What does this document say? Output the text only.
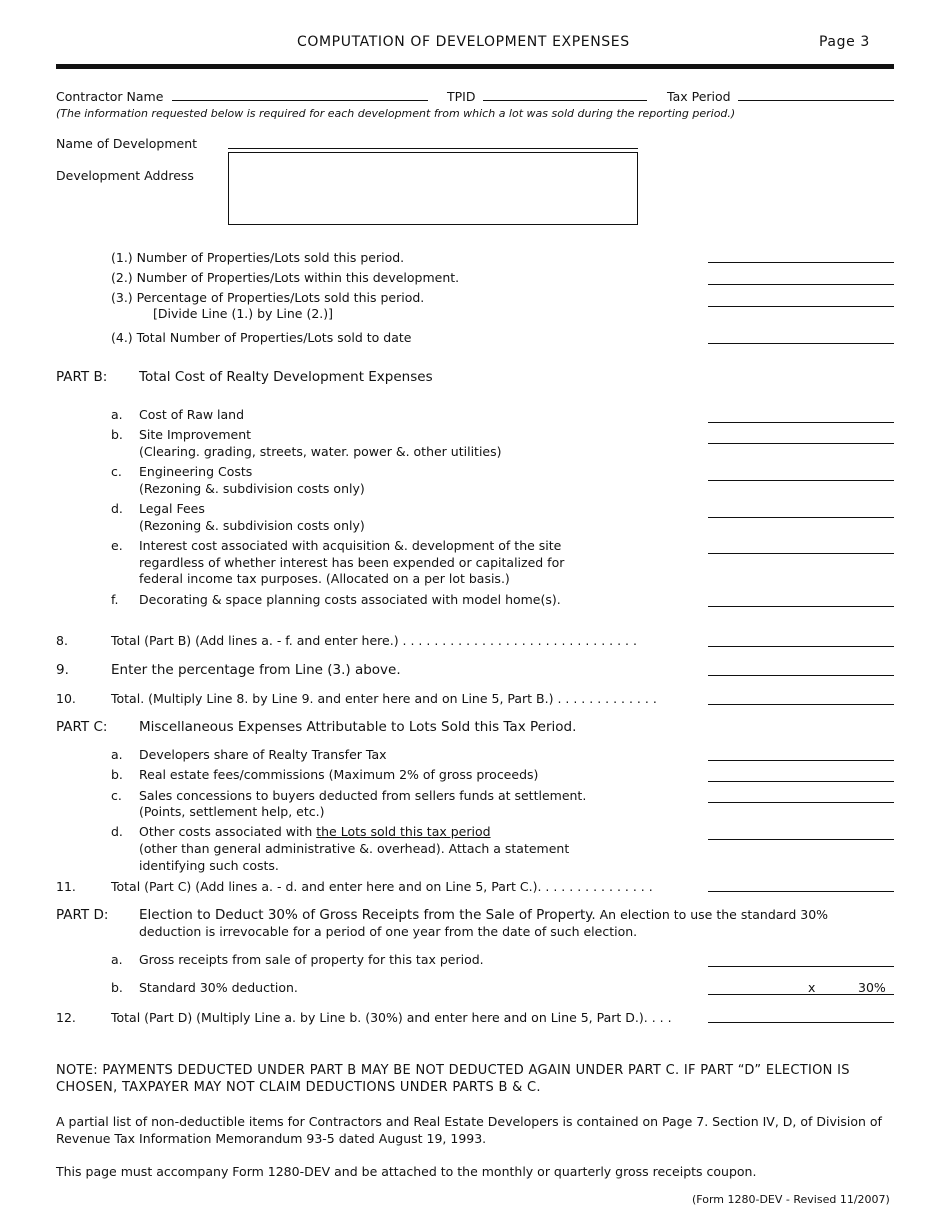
COMPUTATION OF DEVELOPMENT EXPENSES	Page 3
Contractor Name	TPID	Tax Period
(The information requested below is required for each development from which a lot was sold during the reporting period.)
Name of Development
Development Address
(1.) Number of Properties/Lots sold this period.
(2.) Number of Properties/Lots within this development.
(3.) Percentage of Properties/Lots sold this period.
[Divide Line (1.) by Line (2.)]
(4.) Total Number of Properties/Lots sold to date
PART B: Total Cost of Realty Development Expenses
a. Cost of Raw land
b. Site Improvement
(Clearing. grading, streets, water. power &. other utilities)
c. Engineering Costs
(Rezoning &. subdivision costs only)
d. Legal Fees
(Rezoning &. subdivision costs only)
e. Interest cost associated with acquisition &. development of the site
regardless of whether interest has been expended or capitalized for
federal income tax purposes. (Allocated on a per lot basis.)
f. Decorating & space planning costs associated with model home(s).
8.	Total (Part B) (Add lines a. - f. and enter here.) . . . . . . . . . . . . . . . . . . . . . . . . . . . . . .
9.	Enter the percentage from Line (3.) above.
10.	Total. (Multiply Line 8. by Line 9. and enter here and on Line 5, Part B.) . . . . . . . . . . . . .
PART C: Miscellaneous Expenses Attributable to Lots Sold this Tax Period.
a. Developers share of Realty Transfer Tax
b. Real estate fees/commissions (Maximum 2% of gross proceeds)
c. Sales concessions to buyers deducted from sellers funds at settlement.
(Points, settlement help, etc.)
d. Other costs associated with the Lots sold this tax period
(other than general administrative &. overhead). Attach a statement
identifying such costs.
11.	Total (Part C) (Add lines a. - d. and enter here and on Line 5, Part C.). . . . . . . . . . . . . . .
PART D: Election to Deduct 30% of Gross Receipts from the Sale of Property. An election to use the standard 30%
deduction is irrevocable for a period of one year from the date of such election.
a. Gross receipts from sale of property for this tax period.
b. Standard 30% deduction.	x	30%
12.	Total (Part D) (Multiply Line a. by Line b. (30%) and enter here and on Line 5, Part D.). . . .
NOTE: PAYMENTS DEDUCTED UNDER PART B MAY BE NOT DEDUCTED AGAIN UNDER PART C. IF PART “D” ELECTION IS
CHOSEN, TAXPAYER MAY NOT CLAIM DEDUCTIONS UNDER PARTS B & C.
A partial list of non-deductible items for Contractors and Real Estate Developers is contained on Page 7. Section IV, D, of Division of
Revenue Tax Information Memorandum 93-5 dated August 19, 1993.
This page must accompany Form 1280-DEV and be attached to the monthly or quarterly gross receipts coupon.
(Form 1280-DEV - Revised 11/2007)
